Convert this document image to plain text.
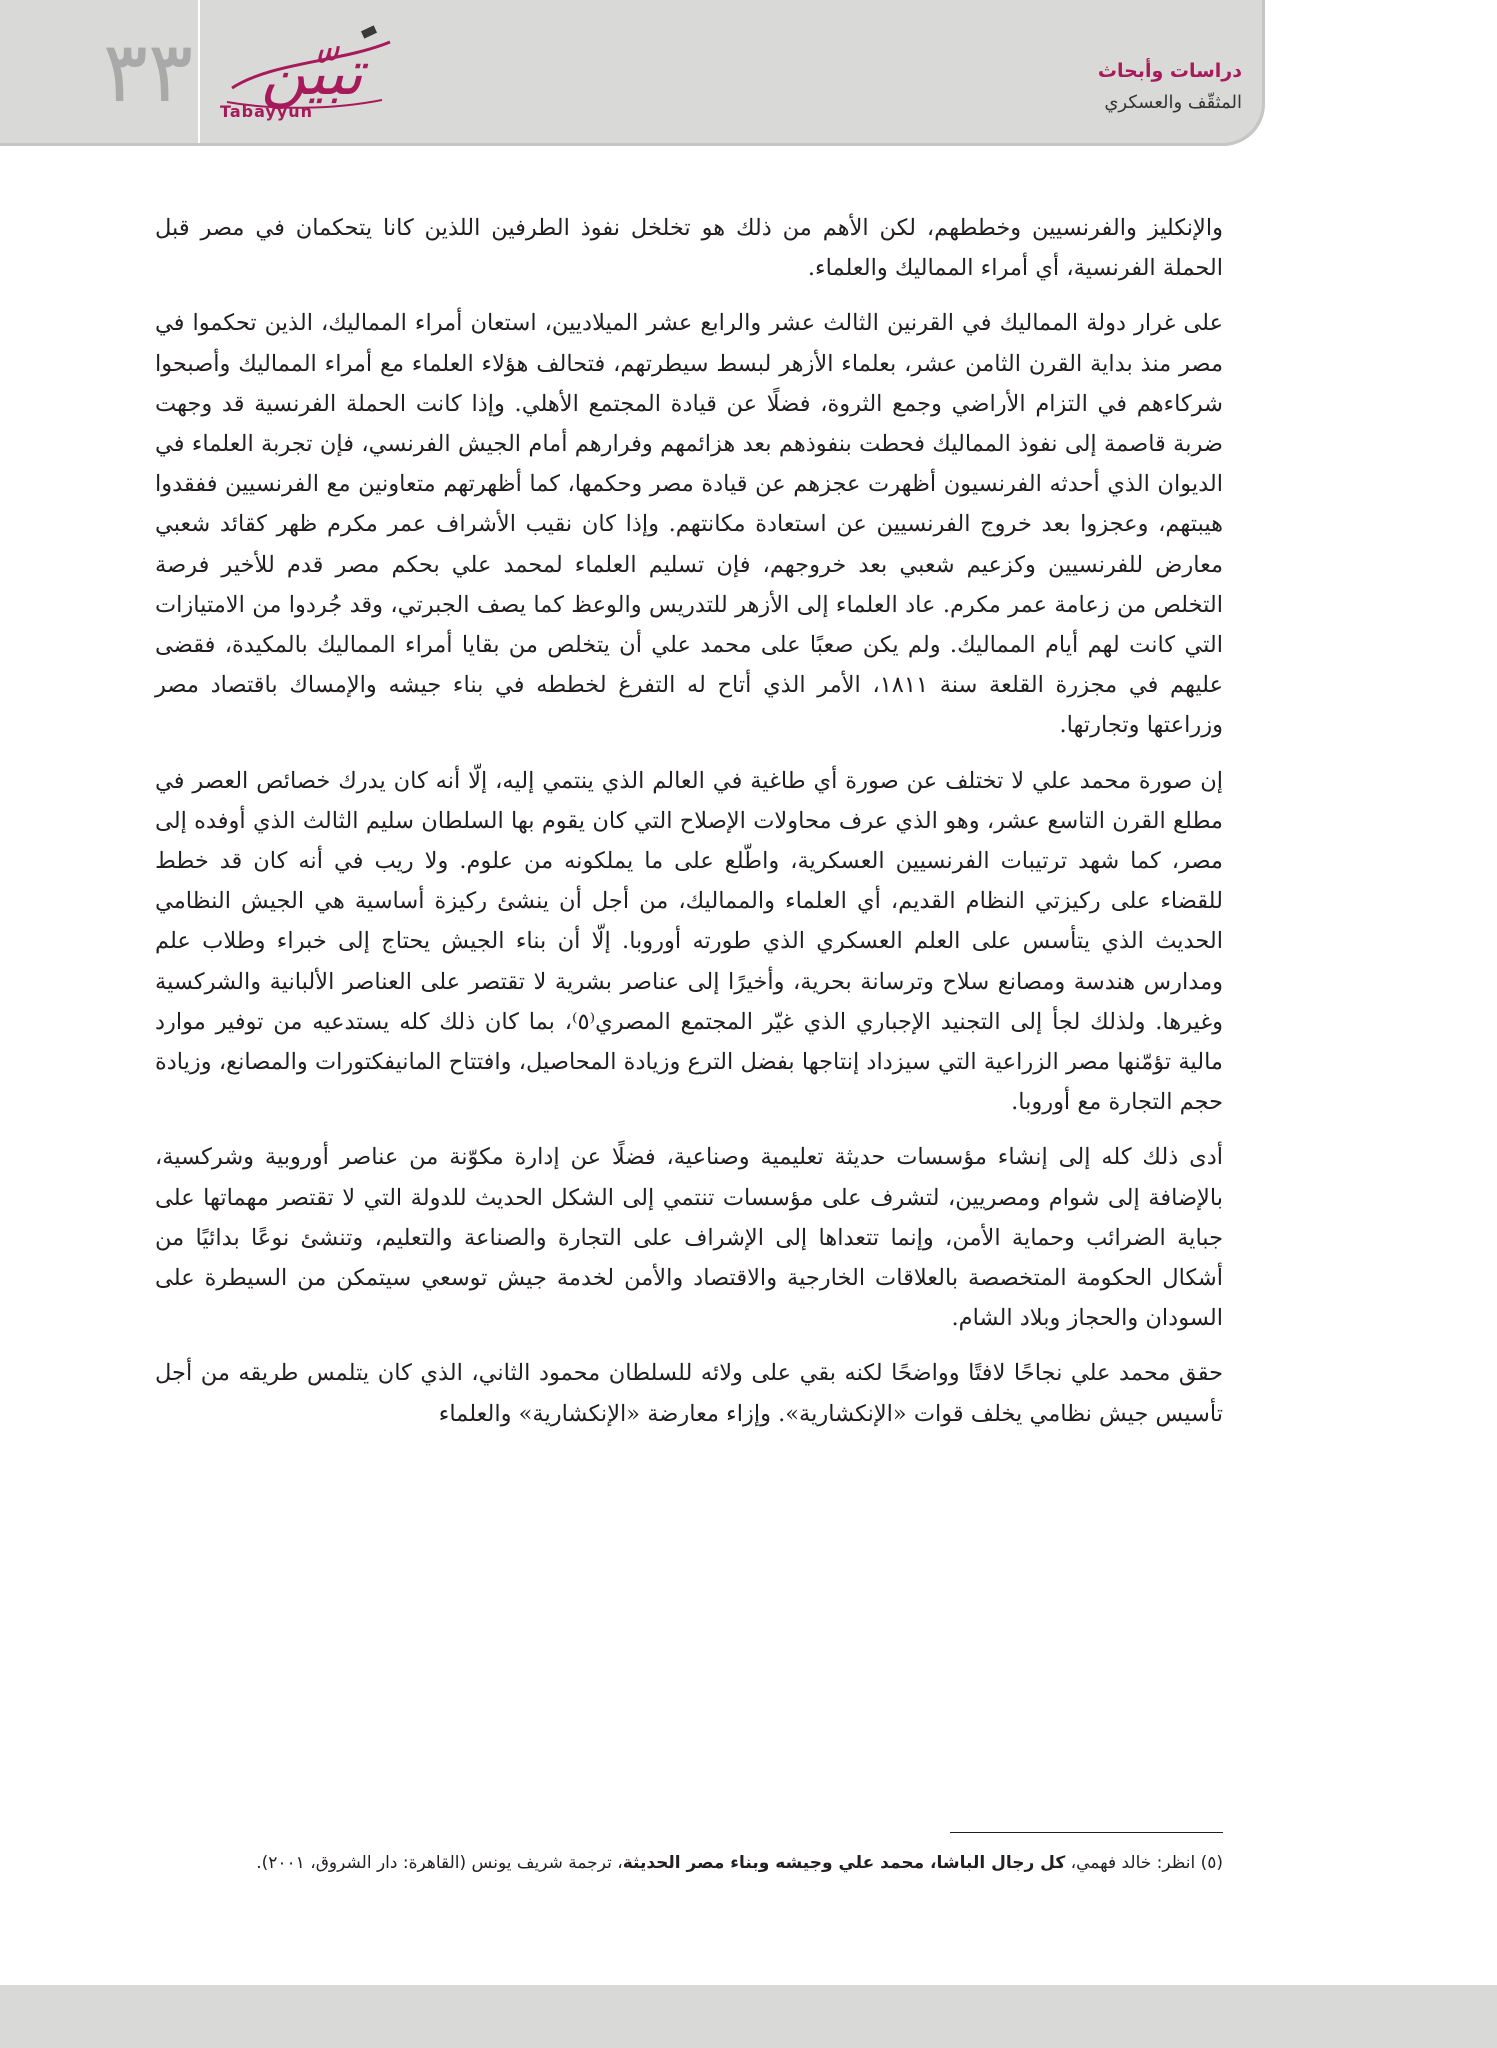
٣٣ تبيّن
Tabayyun
دراسات وأبحاث
المثقّف والعسكري

والإنكليز والفرنسيين وخططهم، لكن الأهم من ذلك هو تخلخل نفوذ الطرفين اللذين كانا يتحكمان في مصر قبل الحملة الفرنسية، أي أمراء المماليك والعلماء.

على غرار دولة المماليك في القرنين الثالث عشر والرابع عشر الميلاديين، استعان أمراء المماليك، الذين تحكموا في مصر منذ بداية القرن الثامن عشر، بعلماء الأزهر لبسط سيطرتهم، فتحالف هؤلاء العلماء مع أمراء المماليك وأصبحوا شركاءهم في التزام الأراضي وجمع الثروة، فضلًا عن قيادة المجتمع الأهلي. وإذا كانت الحملة الفرنسية قد وجهت ضربة قاصمة إلى نفوذ المماليك فحطت بنفوذهم بعد هزائمهم وفرارهم أمام الجيش الفرنسي، فإن تجربة العلماء في الديوان الذي أحدثه الفرنسيون أظهرت عجزهم عن قيادة مصر وحكمها، كما أظهرتهم متعاونين مع الفرنسيين ففقدوا هيبتهم، وعجزوا بعد خروج الفرنسيين عن استعادة مكانتهم. وإذا كان نقيب الأشراف عمر مكرم ظهر كقائد شعبي معارض للفرنسيين وكزعيم شعبي بعد خروجهم، فإن تسليم العلماء لمحمد علي بحكم مصر قدم للأخير فرصة التخلص من زعامة عمر مكرم. عاد العلماء إلى الأزهر للتدريس والوعظ كما يصف الجبرتي، وقد جُردوا من الامتيازات التي كانت لهم أيام المماليك. ولم يكن صعبًا على محمد علي أن يتخلص من بقايا أمراء المماليك بالمكيدة، فقضى عليهم في مجزرة القلعة سنة ١٨١١، الأمر الذي أتاح له التفرغ لخططه في بناء جيشه والإمساك باقتصاد مصر وزراعتها وتجارتها.

إن صورة محمد علي لا تختلف عن صورة أي طاغية في العالم الذي ينتمي إليه، إلّا أنه كان يدرك خصائص العصر في مطلع القرن التاسع عشر، وهو الذي عرف محاولات الإصلاح التي كان يقوم بها السلطان سليم الثالث الذي أوفده إلى مصر، كما شهد ترتيبات الفرنسيين العسكرية، واطّلع على ما يملكونه من علوم. ولا ريب في أنه كان قد خطط للقضاء على ركيزتي النظام القديم، أي العلماء والمماليك، من أجل أن ينشئ ركيزة أساسية هي الجيش النظامي الحديث الذي يتأسس على العلم العسكري الذي طورته أوروبا. إلّا أن بناء الجيش يحتاج إلى خبراء وطلاب علم ومدارس هندسة ومصانع سلاح وترسانة بحرية، وأخيرًا إلى عناصر بشرية لا تقتصر على العناصر الألبانية والشركسية وغيرها. ولذلك لجأ إلى التجنيد الإجباري الذي غيّر المجتمع المصري⁽٥⁾، بما كان ذلك كله يستدعيه من توفير موارد مالية تؤمّنها مصر الزراعية التي سيزداد إنتاجها بفضل الترع وزيادة المحاصيل، وافتتاح المانيفكتورات والمصانع، وزيادة حجم التجارة مع أوروبا.

أدى ذلك كله إلى إنشاء مؤسسات حديثة تعليمية وصناعية، فضلًا عن إدارة مكوّنة من عناصر أوروبية وشركسية، بالإضافة إلى شوام ومصريين، لتشرف على مؤسسات تنتمي إلى الشكل الحديث للدولة التي لا تقتصر مهماتها على جباية الضرائب وحماية الأمن، وإنما تتعداها إلى الإشراف على التجارة والصناعة والتعليم، وتنشئ نوعًا بدائيًا من أشكال الحكومة المتخصصة بالعلاقات الخارجية والاقتصاد والأمن لخدمة جيش توسعي سيتمكن من السيطرة على السودان والحجاز وبلاد الشام.

حقق محمد علي نجاحًا لافتًا وواضحًا لكنه بقي على ولائه للسلطان محمود الثاني، الذي كان يتلمس طريقه من أجل تأسيس جيش نظامي يخلف قوات «الإنكشارية». وإزاء معارضة «الإنكشارية» والعلماء

(٥) انظر: خالد فهمي، كل رجال الباشا، محمد علي وجيشه وبناء مصر الحديثة، ترجمة شريف يونس (القاهرة: دار الشروق، ٢٠٠١).
